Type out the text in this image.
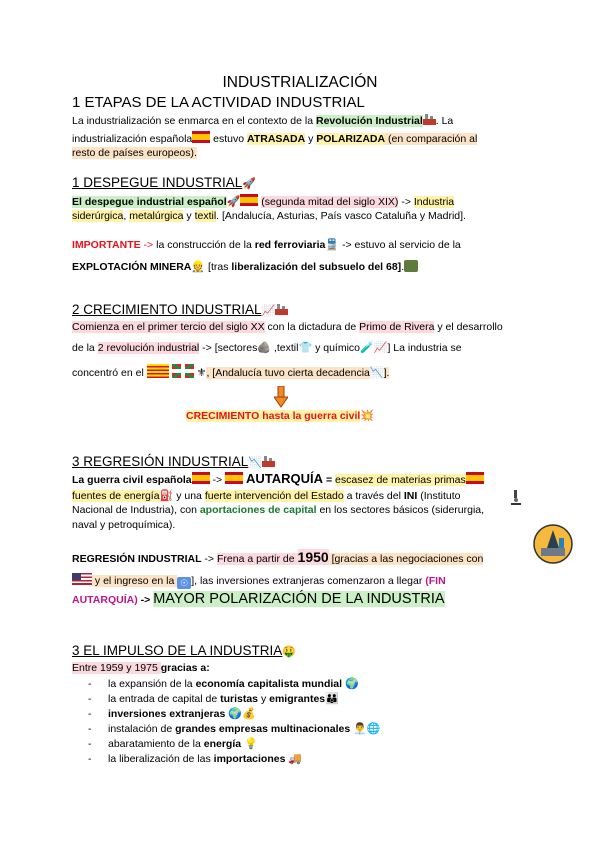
INDUSTRIALIZACIÓN
1 ETAPAS DE LA ACTIVIDAD INDUSTRIAL
La industrialización se enmarca en el contexto de la Revolución Industrial . La
industrialización española estuvo ATRASADA y POLARIZADA (en comparación al
resto de países europeos).
1 DESPEGUE INDUSTRIAL🚀
El despegue industrial español🚀 (segunda mitad del siglo XIX) -> Industria
siderúrgica, metalúrgica y textil. [Andalucía, Asturias, País vasco Cataluña y Madrid].
IMPORTANTE -> la construcción de la red ferroviaria🚆 -> estuvo al servicio de la
EXPLOTACIÓN MINERA👷 [tras liberalización del subsuelo del 68].
2 CRECIMIENTO INDUSTRIAL📈
Comienza en el primer tercio del siglo XX con la dictadura de Primo de Rivera y el desarrollo
de la 2 revolución industrial -> [sectores🪨 ,textil👕 y químico🧪📈] La industria se
concentró en el	⚜, [Andalucía tuvo cierta decadencia📉].
CRECIMIENTO hasta la guerra civil💥
3 REGRESIÓN INDUSTRIAL📉
La guerra civil española ->  AUTARQUÍA = escasez de materias primas
fuentes de energía⛽ y una fuerte intervención del Estado a través del INI (Instituto
Nacional de Industria), con aportaciones de capital en los sectores básicos (siderurgia,
naval y petroquímica).
REGRESIÓN INDUSTRIAL -> Frena a partir de 1950 [gracias a las negociaciones con
y el ingreso en la ☉ ], las inversiones extranjeras comenzaron a llegar (FIN
AUTARQUÍA) -> MAYOR POLARIZACIÓN DE LA INDUSTRIA
3 EL IMPULSO DE LA INDUSTRIA🤑
Entre 1959 y 1975 gracias a:
- la expansión de la economía capitalista mundial 🌍
- la entrada de capital de turistas y emigrantes👪
- inversiones extranjeras 🌍💰
- instalación de grandes empresas multinacionales 👨‍💼🌐
- abaratamiento de la energía 💡
- la liberalización de las importaciones 🚚
